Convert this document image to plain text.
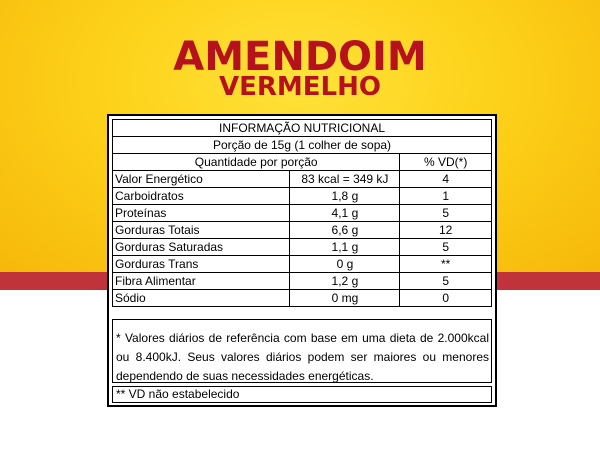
AMENDOIM
VERMELHO
INFORMAÇÃO NUTRICIONAL		
Porção de 15g (1 colher de sopa)		
Quantidade por porção		% VD(*)
Valor Energético	83 kcal = 349 kJ	4
Carboidratos	1,8 g	1
Proteínas	4,1 g	5
Gorduras Totais	6,6 g	12
Gorduras Saturadas	1,1 g	5
Gorduras Trans	0 g	**
Fibra Alimentar	1,2 g	5
Sódio	0 mg	0
* Valores diários de referência com base em uma dieta de 2.000kcal ou 8.400kJ. Seus valores diários podem ser maiores ou menores dependendo de suas necessidades energéticas.
** VD não estabelecido
